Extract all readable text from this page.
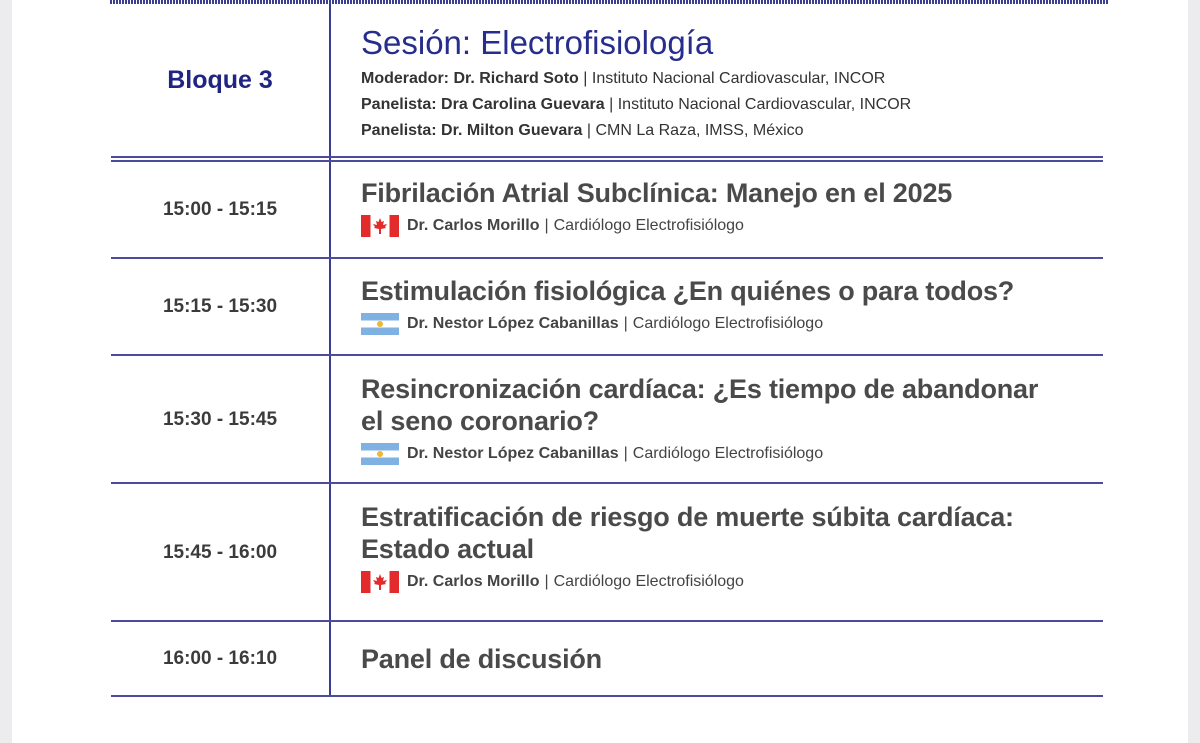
Bloque 3
Sesión: Electrofisiología
Moderador: Dr. Richard Soto | Instituto Nacional Cardiovascular, INCOR
Panelista: Dra Carolina Guevara | Instituto Nacional Cardiovascular, INCOR
Panelista: Dr. Milton Guevara | CMN La Raza, IMSS, México
15:00 - 15:15
Fibrilación Atrial Subclínica: Manejo en el 2025
Dr. Carlos Morillo | Cardiólogo Electrofisiólogo
15:15 - 15:30	Estimulación fisiológica ¿En quiénes o para todos?
Dr. Nestor López Cabanillas | Cardiólogo Electrofisiólogo
15:30 - 15:45
Resincronización cardíaca: ¿Es tiempo de abandonar
el seno coronario?
Dr. Nestor López Cabanillas | Cardiólogo Electrofisiólogo
15:45 - 16:00
Estratificación de riesgo de muerte súbita cardíaca:
Estado actual
Dr. Carlos Morillo | Cardiólogo Electrofisiólogo
16:00 - 16:10	Panel de discusión
